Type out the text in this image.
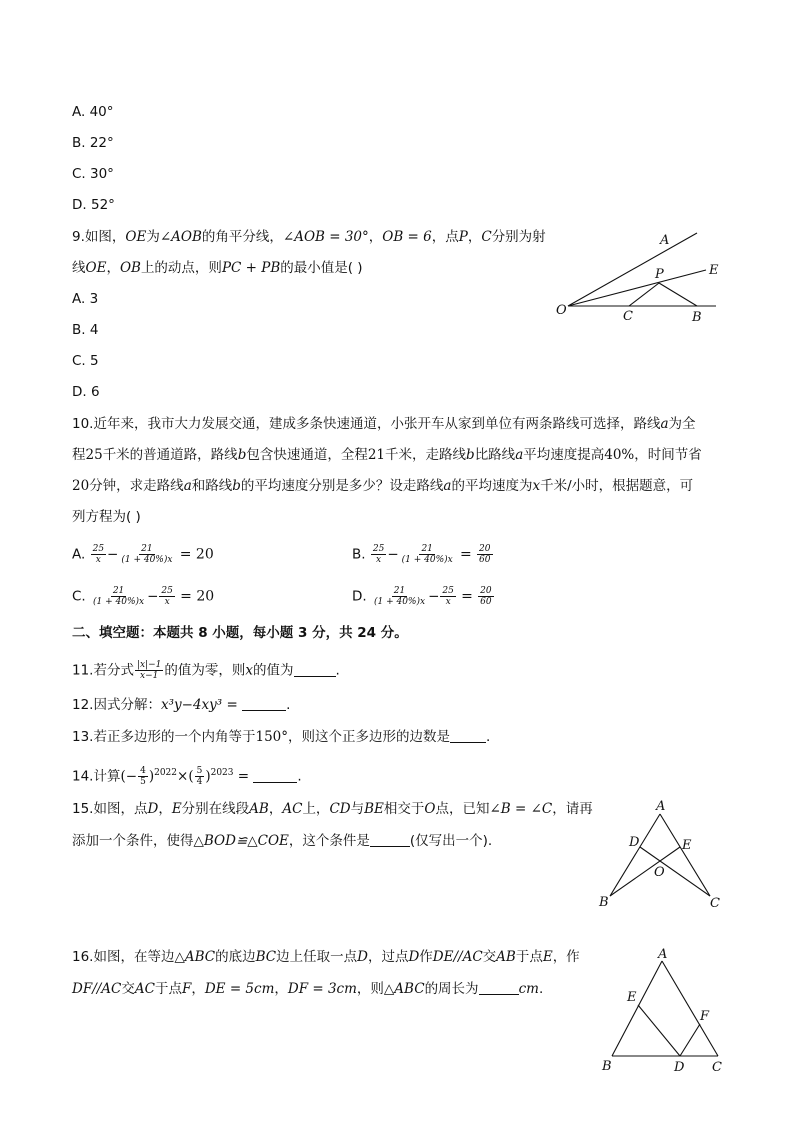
A. 40°
B. 22°
C. 30°
D. 52°
9.如图，OE为∠AOB的角平分线，∠AOB = 30°，OB = 6，点P，C分别为射
线OE，OB上的动点，则PC + PB的最小值是( )
A. 3
B. 4
C. 5
D. 6
A
E
P
O	C	B
10.近年来，我市大力发展交通，建成多条快速通道，小张开车从家到单位有两条路线可选择，路线a为全
程25千米的普通道路，路线b包含快速通道，全程21千米，走路线b比路线a平均速度提高40%，时间节省
20分钟，求走路线a和路线b的平均速度分别是多少？设走路线a的平均速度为x千米/小时，根据题意，可
列方程为( )
A. $\frac{25}{x} - \frac{21}{(1 + 40\%)x} = 20$	B. $\frac{25}{x} - \frac{21}{(1 + 40\%)x} = \frac{20}{60}$
C. $\frac{21}{(1 + 40\%)x} - \frac{25}{x} = 20$	D. $\frac{21}{(1 + 40\%)x} - \frac{25}{x} = \frac{20}{60}$
二、填空题：本题共 8 小题，每小题 3 分，共 24 分。
11.若分式 $\frac{|x|-1}{x-1}$ 的值为零，则x的值为	.
12.因式分解：x³y−4xy³ =	.
13.若正多边形的一个内角等于150°，则这个正多边形的边数是	.
14.计算(− $\frac{4}{5} )^{2022}\times( \frac{5}{4} )^{2023}$ =	.
15.如图，点D，E分别在线段AB，AC上，CD与BE相交于O点，已知∠B = ∠C，请再
添加一个条件，使得△BOD≌△COE，这个条件是	(仅写出一个).
A
D	E
O
B	C
16.如图，在等边△ABC的底边BC边上任取一点D，过点D作DE//AC交AB于点E，作
DF//AC交AC于点F，DE = 5cm，DF = 3cm，则△ABC的周长为	cm.
A
E
F
B	D C
